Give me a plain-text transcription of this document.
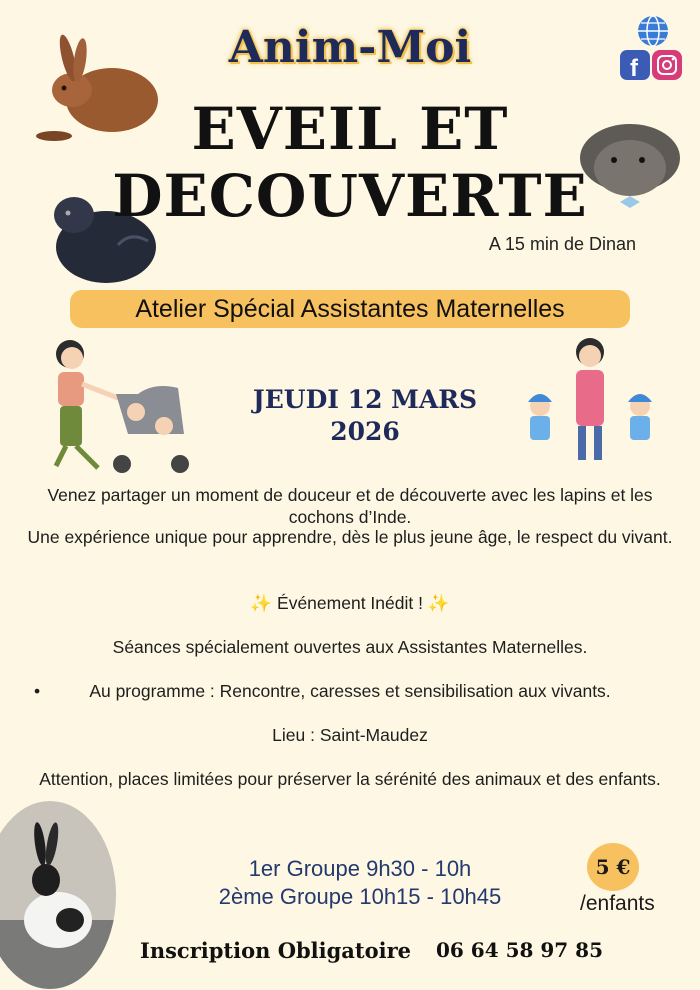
f
Anim-Moi
EVEIL ET
DECOUVERTE
A 15 min de Dinan
Atelier Spécial Assistantes Maternelles
JEUDI 12 MARS
2026
Venez partager un moment de douceur et de découverte avec les lapins et les cochons d’Inde.
Une expérience unique pour apprendre, dès le plus jeune âge, le respect du vivant.
✨ Événement Inédit ! ✨
Séances spécialement ouvertes aux Assistantes Maternelles.
•	Au programme : Rencontre, caresses et sensibilisation aux vivants.
Lieu : Saint-Maudez
Attention, places limitées pour préserver la sérénité des animaux et des enfants.
1er Groupe 9h30 - 10h
2ème Groupe 10h15 - 10h45
5 €
/enfants
Inscription Obligatoire 06 64 58 97 85
